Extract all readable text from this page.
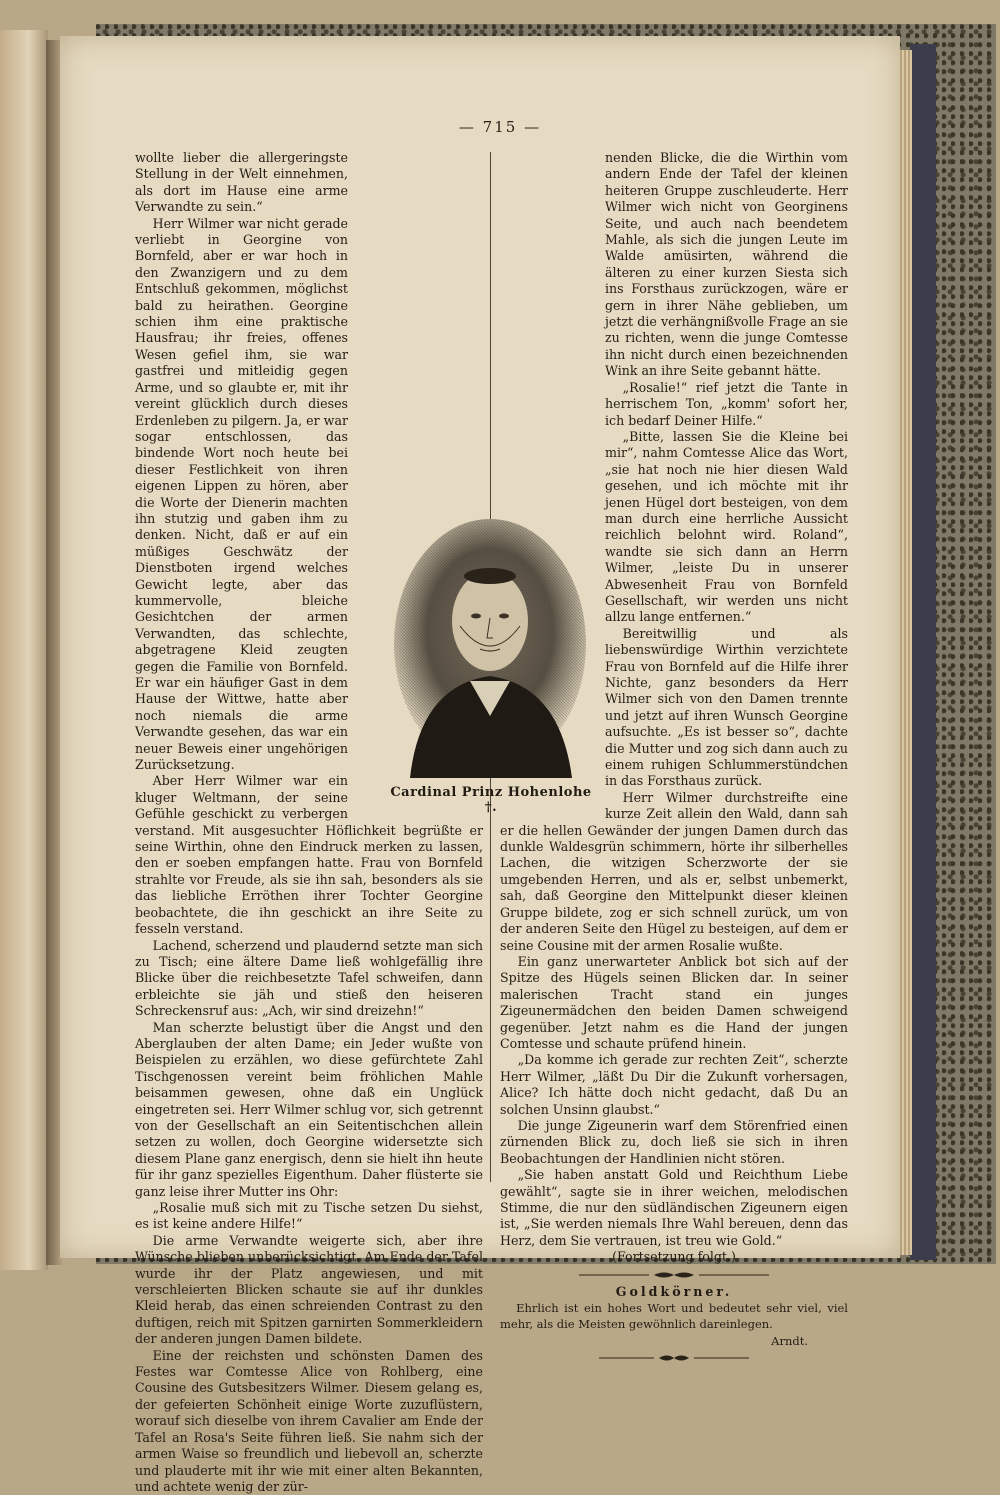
— 715 —

wollte lieber die allergeringste Stellung in der Welt einnehmen, als dort im Hause eine arme Verwandte zu sein.“

Herr Wilmer war nicht gerade verliebt in Georgine von Bornfeld, aber er war hoch in den Zwanzigern und zu dem Entschluß gekommen, möglichst bald zu heirathen. Georgine schien ihm eine praktische Hausfrau; ihr freies, offenes Wesen gefiel ihm, sie war gastfrei und mitleidig gegen Arme, und so glaubte er, mit ihr vereint glücklich durch dieses Erdenleben zu pilgern. Ja, er war sogar entschlossen, das bindende Wort noch heute bei dieser Festlichkeit von ihren eigenen Lippen zu hören, aber die Worte der Dienerin machten ihn stutzig und gaben ihm zu denken. Nicht, daß er auf ein müßiges Geschwätz der Dienstboten irgend welches Gewicht legte, aber das kummervolle, bleiche Gesichtchen der armen Verwandten, das schlechte, abgetragene Kleid zeugten gegen die Familie von Bornfeld. Er war ein häufiger Gast in dem Hause der Wittwe, hatte aber noch niemals die arme Verwandte gesehen, das war ein neuer Beweis einer ungehörigen Zurücksetzung.

Aber Herr Wilmer war ein kluger Weltmann, der seine Gefühle geschickt zu verbergen verstand. Mit ausgesuchter Höflichkeit begrüßte er seine Wirthin, ohne den Eindruck merken zu lassen, den er soeben empfangen hatte. Frau von Bornfeld strahlte vor Freude, als sie ihn sah, besonders als sie das liebliche Erröthen ihrer Tochter Georgine beobachtete, die ihn geschickt an ihre Seite zu fesseln verstand.

Lachend, scherzend und plaudernd setzte man sich zu Tisch; eine ältere Dame ließ wohlgefällig ihre Blicke über die reichbesetzte Tafel schweifen, dann erbleichte sie jäh und stieß den heiseren Schreckensruf aus: „Ach, wir sind dreizehn!“

Man scherzte belustigt über die Angst und den Aberglauben der alten Dame; ein Jeder wußte von Beispielen zu erzählen, wo diese gefürchtete Zahl Tischgenossen vereint beim fröhlichen Mahle beisammen gewesen, ohne daß ein Unglück eingetreten sei. Herr Wilmer schlug vor, sich getrennt von der Gesellschaft an ein Seitentischchen allein setzen zu wollen, doch Georgine widersetzte sich diesem Plane ganz energisch, denn sie hielt ihn heute für ihr ganz spezielles Eigenthum. Daher flüsterte sie ganz leise ihrer Mutter ins Ohr:

„Rosalie muß sich mit zu Tische setzen Du siehst, es ist keine andere Hilfe!“

Die arme Verwandte weigerte sich, aber ihre Wünsche blieben unberücksichtigt. Am Ende der Tafel wurde ihr der Platz angewiesen, und mit verschleierten Blicken schaute sie auf ihr dunkles Kleid herab, das einen schreienden Contrast zu den duftigen, reich mit Spitzen garnirten Sommerkleidern der anderen jungen Damen bildete.

Eine der reichsten und schönsten Damen des Festes war Comtesse Alice von Rohlberg, eine Cousine des Gutsbesitzers Wilmer. Diesem gelang es, der gefeierten Schönheit einige Worte zuzuflüstern, worauf sich dieselbe von ihrem Cavalier am Ende der Tafel an Rosa's Seite führen ließ. Sie nahm sich der armen Waise so freundlich und liebevoll an, scherzte und plauderte mit ihr wie mit einer alten Bekannten, und achtete wenig der zür-

nenden Blicke, die die Wirthin vom andern Ende der Tafel der kleinen heiteren Gruppe zuschleuderte. Herr Wilmer wich nicht von Georginens Seite, und auch nach beendetem Mahle, als sich die jungen Leute im Walde amüsirten, während die älteren zu einer kurzen Siesta sich ins Forsthaus zurückzogen, wäre er gern in ihrer Nähe geblieben, um jetzt die verhängnißvolle Frage an sie zu richten, wenn die junge Comtesse ihn nicht durch einen bezeichnenden Wink an ihre Seite gebannt hätte.

„Rosalie!“ rief jetzt die Tante in herrischem Ton, „komm' sofort her, ich bedarf Deiner Hilfe.“

„Bitte, lassen Sie die Kleine bei mir“, nahm Comtesse Alice das Wort, „sie hat noch nie hier diesen Wald gesehen, und ich möchte mit ihr jenen Hügel dort besteigen, von dem man durch eine herrliche Aussicht reichlich belohnt wird. Roland“, wandte sie sich dann an Herrn Wilmer, „leiste Du in unserer Abwesenheit Frau von Bornfeld Gesellschaft, wir werden uns nicht allzu lange entfernen.“

Bereitwillig und als liebenswürdige Wirthin verzichtete Frau von Bornfeld auf die Hilfe ihrer Nichte, ganz besonders da Herr Wilmer sich von den Damen trennte und jetzt auf ihren Wunsch Georgine aufsuchte. „Es ist besser so“, dachte die Mutter und zog sich dann auch zu einem ruhigen Schlummerstündchen in das Forsthaus zurück.

Herr Wilmer durchstreifte eine kurze Zeit allein den Wald, dann sah er die hellen Gewänder der jungen Damen durch das dunkle Waldesgrün schimmern, hörte ihr silberhelles Lachen, die witzigen Scherzworte der sie umgebenden Herren, und als er, selbst unbemerkt, sah, daß Georgine den Mittelpunkt dieser kleinen Gruppe bildete, zog er sich schnell zurück, um von der anderen Seite den Hügel zu besteigen, auf dem er seine Cousine mit der armen Rosalie wußte.

Ein ganz unerwarteter Anblick bot sich auf der Spitze des Hügels seinen Blicken dar. In seiner malerischen Tracht stand ein junges Zigeunermädchen den beiden Damen schweigend gegenüber. Jetzt nahm es die Hand der jungen Comtesse und schaute prüfend hinein.

„Da komme ich gerade zur rechten Zeit“, scherzte Herr Wilmer, „läßt Du Dir die Zukunft vorhersagen, Alice? Ich hätte doch nicht gedacht, daß Du an solchen Unsinn glaubst.“

Die junge Zigeunerin warf dem Störenfried einen zürnenden Blick zu, doch ließ sie sich in ihren Beobachtungen der Handlinien nicht stören.

„Sie haben anstatt Gold und Reichthum Liebe gewählt“, sagte sie in ihrer weichen, melodischen Stimme, die nur den südländischen Zigeunern eigen ist, „Sie werden niemals Ihre Wahl bereuen, denn das Herz, dem Sie vertrauen, ist treu wie Gold.“

(Fortsetzung folgt.)

Goldkörner.

Ehrlich ist ein hohes Wort und bedeutet sehr viel, viel mehr, als die Meisten gewöhnlich dareinlegen.

Arndt.

Cardinal Prinz Hohenlohe †.
